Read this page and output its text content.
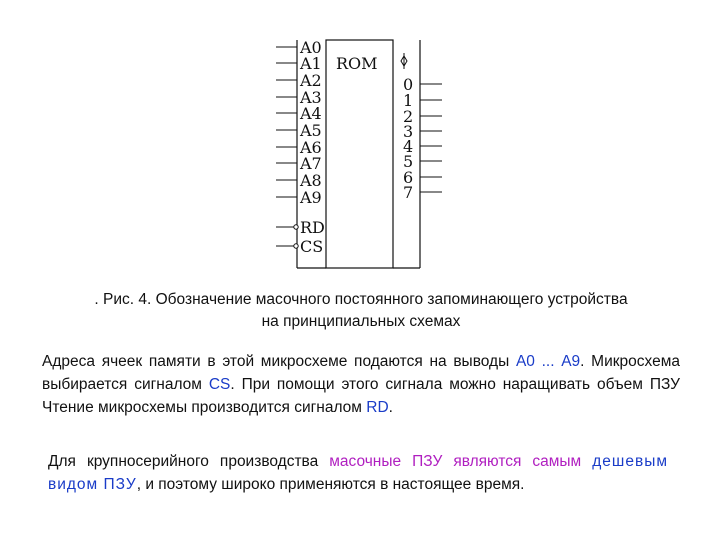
ROM
A0
A1
A2
A3
A4
A5
A6
A7
A8
A9
RD
CS
0
1
2
3
4
5
6
7
. Рис. 4. Обозначение масочного постоянного запоминающего устройства
на принципиальных схемах
Адреса ячеек памяти в этой микросхеме подаются на выводы А0 ... А9. Микросхема выбирается сигналом CS. При помощи этого сигнала можно наращивать объем ПЗУ Чтение микросхемы производится сигналом RD.
Для крупносерийного производства масочные ПЗУ являются самым дешевым видом ПЗУ, и поэтому широко применяются в настоящее время.
